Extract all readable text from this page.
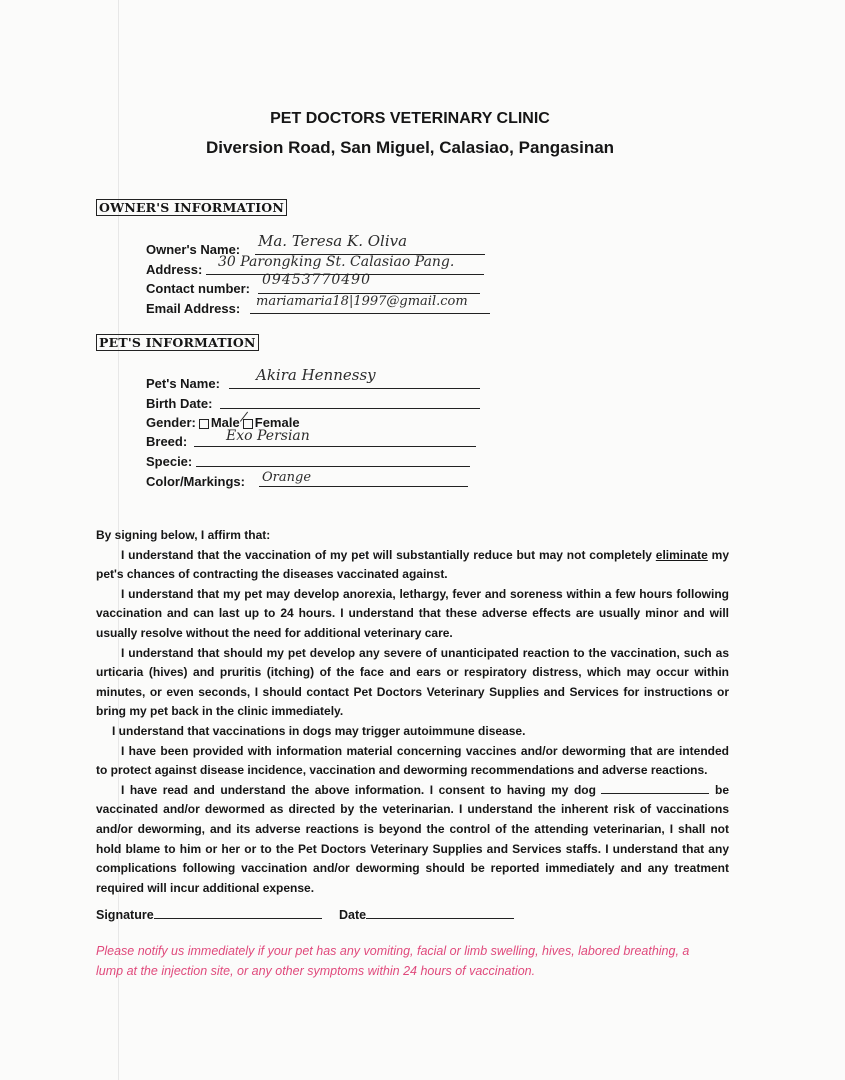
PET DOCTORS VETERINARY CLINIC
Diversion Road, San Miguel, Calasiao, Pangasinan
OWNER'S INFORMATION
Owner's Name: Ma. Teresa K. Oliva
Address: 30 Parongking St. Calasiao Pang.
Contact number:
09453770490
Email Address: mariamaria18|1997@gmail.com
PET'S INFORMATION
Pet's Name: Akira Hennessy
Birth Date:
Gender: Male Female
Breed:	Exo Persian
Specie:
Color/Markings: Orange

By signing below, I affirm that:

I understand that the vaccination of my pet will substantially reduce but may not completely eliminate my pet's chances of contracting the diseases vaccinated against.

I understand that my pet may develop anorexia, lethargy, fever and soreness within a few hours following vaccination and can last up to 24 hours. I understand that these adverse effects are usually minor and will usually resolve without the need for additional veterinary care.

I understand that should my pet develop any severe of unanticipated reaction to the vaccination, such as urticaria (hives) and pruritis (itching) of the face and ears or respiratory distress, which may occur within minutes, or even seconds, I should contact Pet Doctors Veterinary Supplies and Services for instructions or bring my pet back in the clinic immediately.

I understand that vaccinations in dogs may trigger autoimmune disease.

I have been provided with information material concerning vaccines and/or deworming that are intended to protect against disease incidence, vaccination and deworming recommendations and adverse reactions.

I have read and understand the above information. I consent to having my dog	be vaccinated and/or dewormed as directed by the veterinarian. I understand the inherent risk of vaccinations and/or deworming, and its adverse reactions is beyond the control of the attending veterinarian, I shall not hold blame to him or her or to the Pet Doctors Veterinary Supplies and Services staffs. I understand that any complications following vaccination and/or deworming should be reported immediately and any treatment required will incur additional expense.

Signature	Date
Please notify us immediately if your pet has any vomiting, facial or limb swelling, hives, labored breathing, a lump at the injection site, or any other symptoms within 24 hours of vaccination.
